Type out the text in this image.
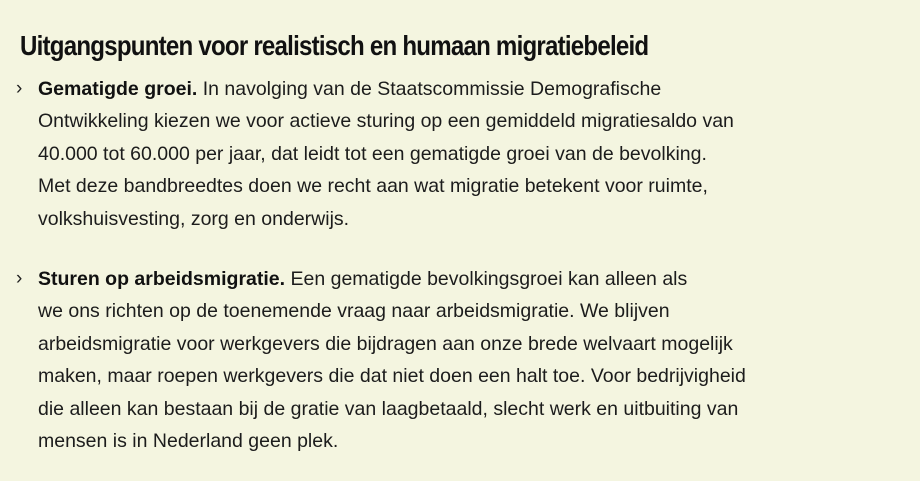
Uitgangspunten voor realistisch en humaan migratiebeleid
› Gematigde groei. In navolging van de Staatscommissie Demografische
Ontwikkeling kiezen we voor actieve sturing op een gemiddeld migratiesaldo van
40.000 tot 60.000 per jaar, dat leidt tot een gematigde groei van de bevolking.
Met deze bandbreedtes doen we recht aan wat migratie betekent voor ruimte,
volkshuisvesting, zorg en onderwijs.

› Sturen op arbeidsmigratie. Een gematigde bevolkingsgroei kan alleen als
we ons richten op de toenemende vraag naar arbeidsmigratie. We blijven
arbeidsmigratie voor werkgevers die bijdragen aan onze brede welvaart mogelijk
maken, maar roepen werkgevers die dat niet doen een halt toe. Voor bedrijvigheid
die alleen kan bestaan bij de gratie van laagbetaald, slecht werk en uitbuiting van
mensen is in Nederland geen plek.
